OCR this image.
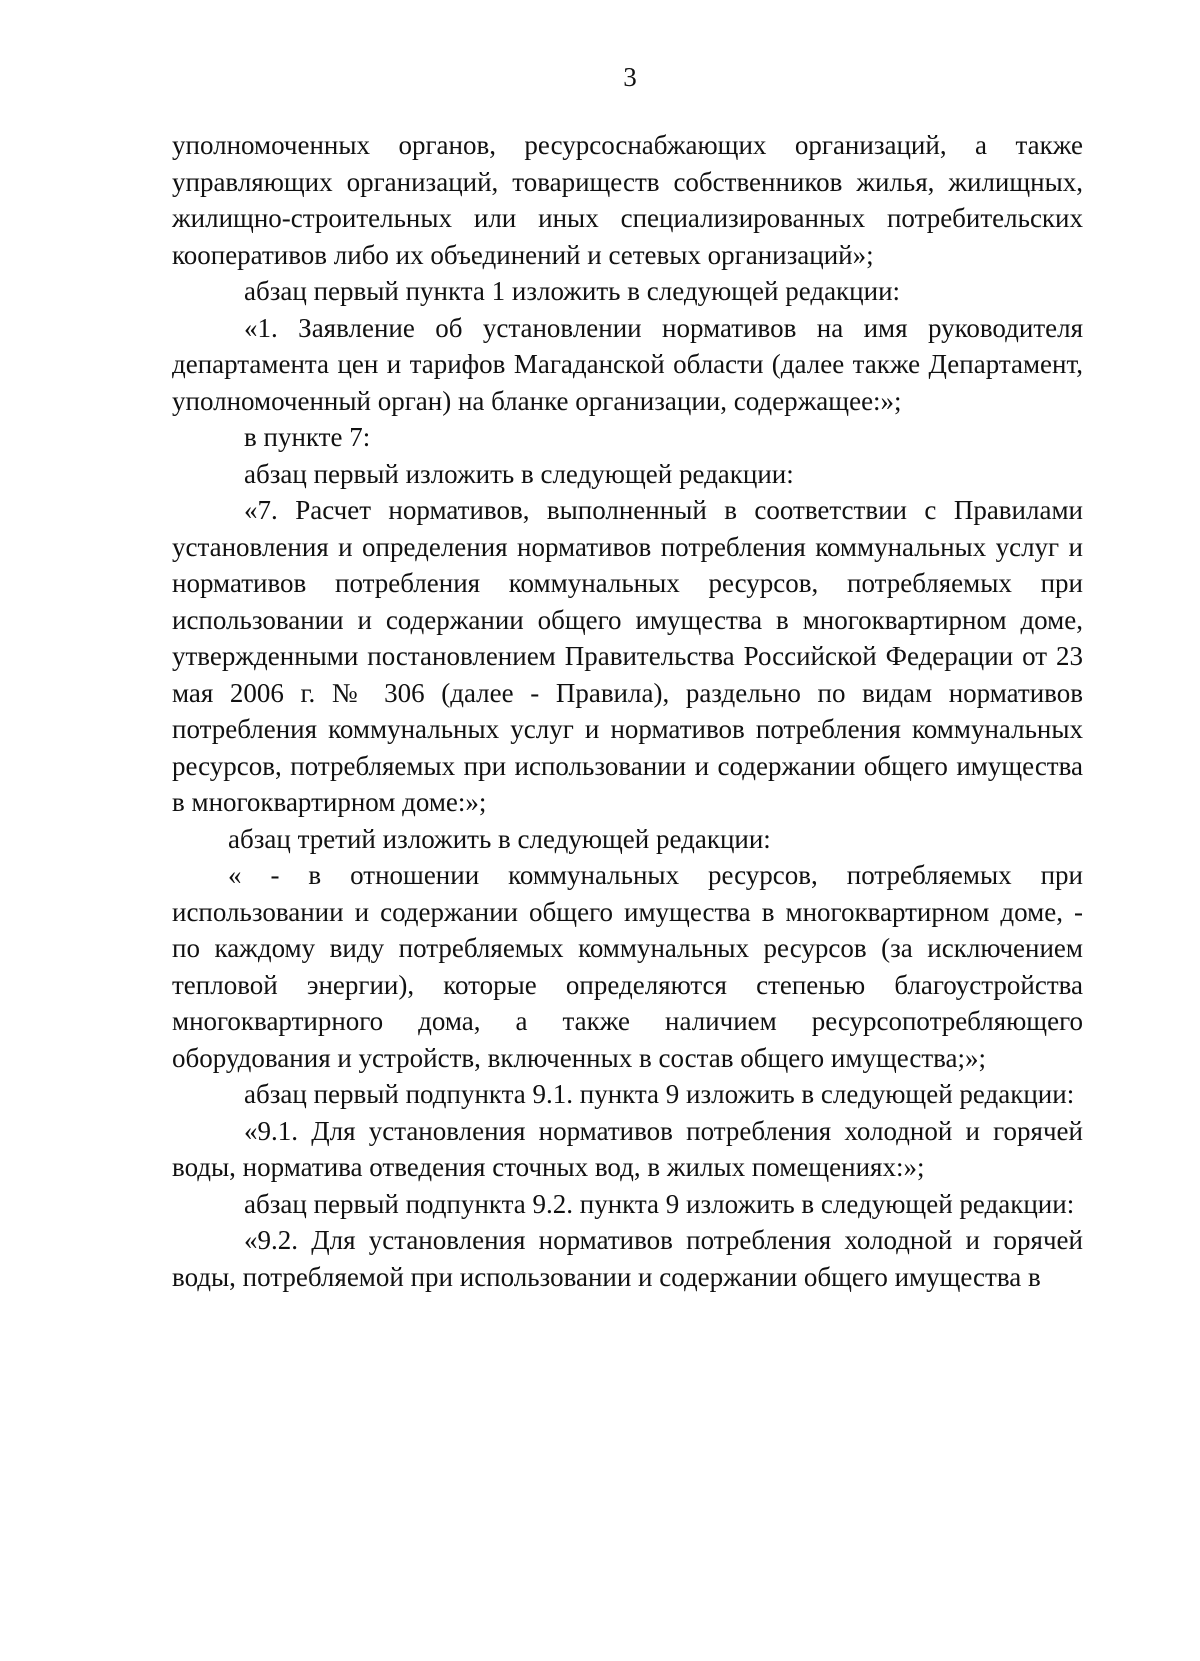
3

уполномоченных органов, ресурсоснабжающих организаций, а также управляющих организаций, товариществ собственников жилья, жилищных, жилищно-строительных или иных специализированных потребительских кооперативов либо их объединений и сетевых организаций»;

абзац первый пункта 1 изложить в следующей редакции:

«1. Заявление об установлении нормативов на имя руководителя департамента цен и тарифов Магаданской области (далее также Департамент, уполномоченный орган) на бланке организации, содержащее:»;

в пункте 7:

абзац первый изложить в следующей редакции:

«7. Расчет нормативов, выполненный в соответствии с Правилами установления и определения нормативов потребления коммунальных услуг и нормативов потребления коммунальных ресурсов, потребляемых при использовании и содержании общего имущества в многоквартирном доме, утвержденными постановлением Правительства Российской Федерации от 23 мая 2006 г. № 306 (далее - Правила), раздельно по видам нормативов потребления коммунальных услуг и нормативов потребления коммунальных ресурсов, потребляемых при использовании и содержании общего имущества в многоквартирном доме:»;

абзац третий изложить в следующей редакции:

« - в отношении коммунальных ресурсов, потребляемых при использовании и содержании общего имущества в многоквартирном доме, - по каждому виду потребляемых коммунальных ресурсов (за исключением тепловой энергии), которые определяются степенью благоустройства многоквартирного дома, а также наличием ресурсопотребляющего оборудования и устройств, включенных в состав общего имущества;»;

абзац первый подпункта 9.1. пункта 9 изложить в следующей редакции:

«9.1. Для установления нормативов потребления холодной и горячей воды, норматива отведения сточных вод, в жилых помещениях:»;

абзац первый подпункта 9.2. пункта 9 изложить в следующей редакции:

«9.2. Для установления нормативов потребления холодной и горячей воды, потребляемой при использовании и содержании общего имущества в
